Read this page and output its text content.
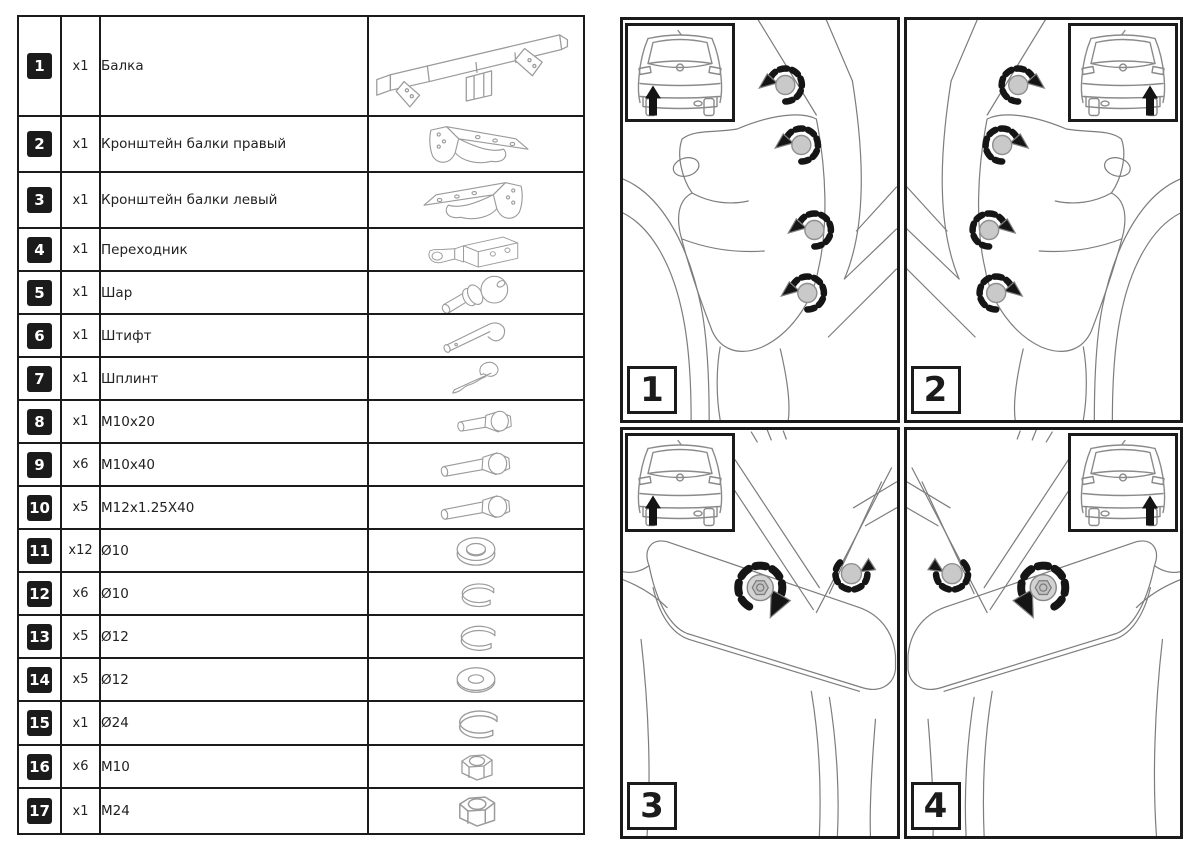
1	x1	Балка	

2	x1	Кронштейн балки правый	

3	x1	Кронштейн балки левый	

4	x1	Переходник	

5	x1	Шар	

6	x1	Штифт	

7	x1	Шплинт	

8	x1	M10x20	

9	x6	M10x40	

10	x5	M12x1.25X40	

11	x12	Ø10	

12	x6	Ø10	

13	x5	Ø12	

14	x5	Ø12	

15	x1	Ø24	

16	x6	M10	

17	x1	M24	
1	2
3	4
